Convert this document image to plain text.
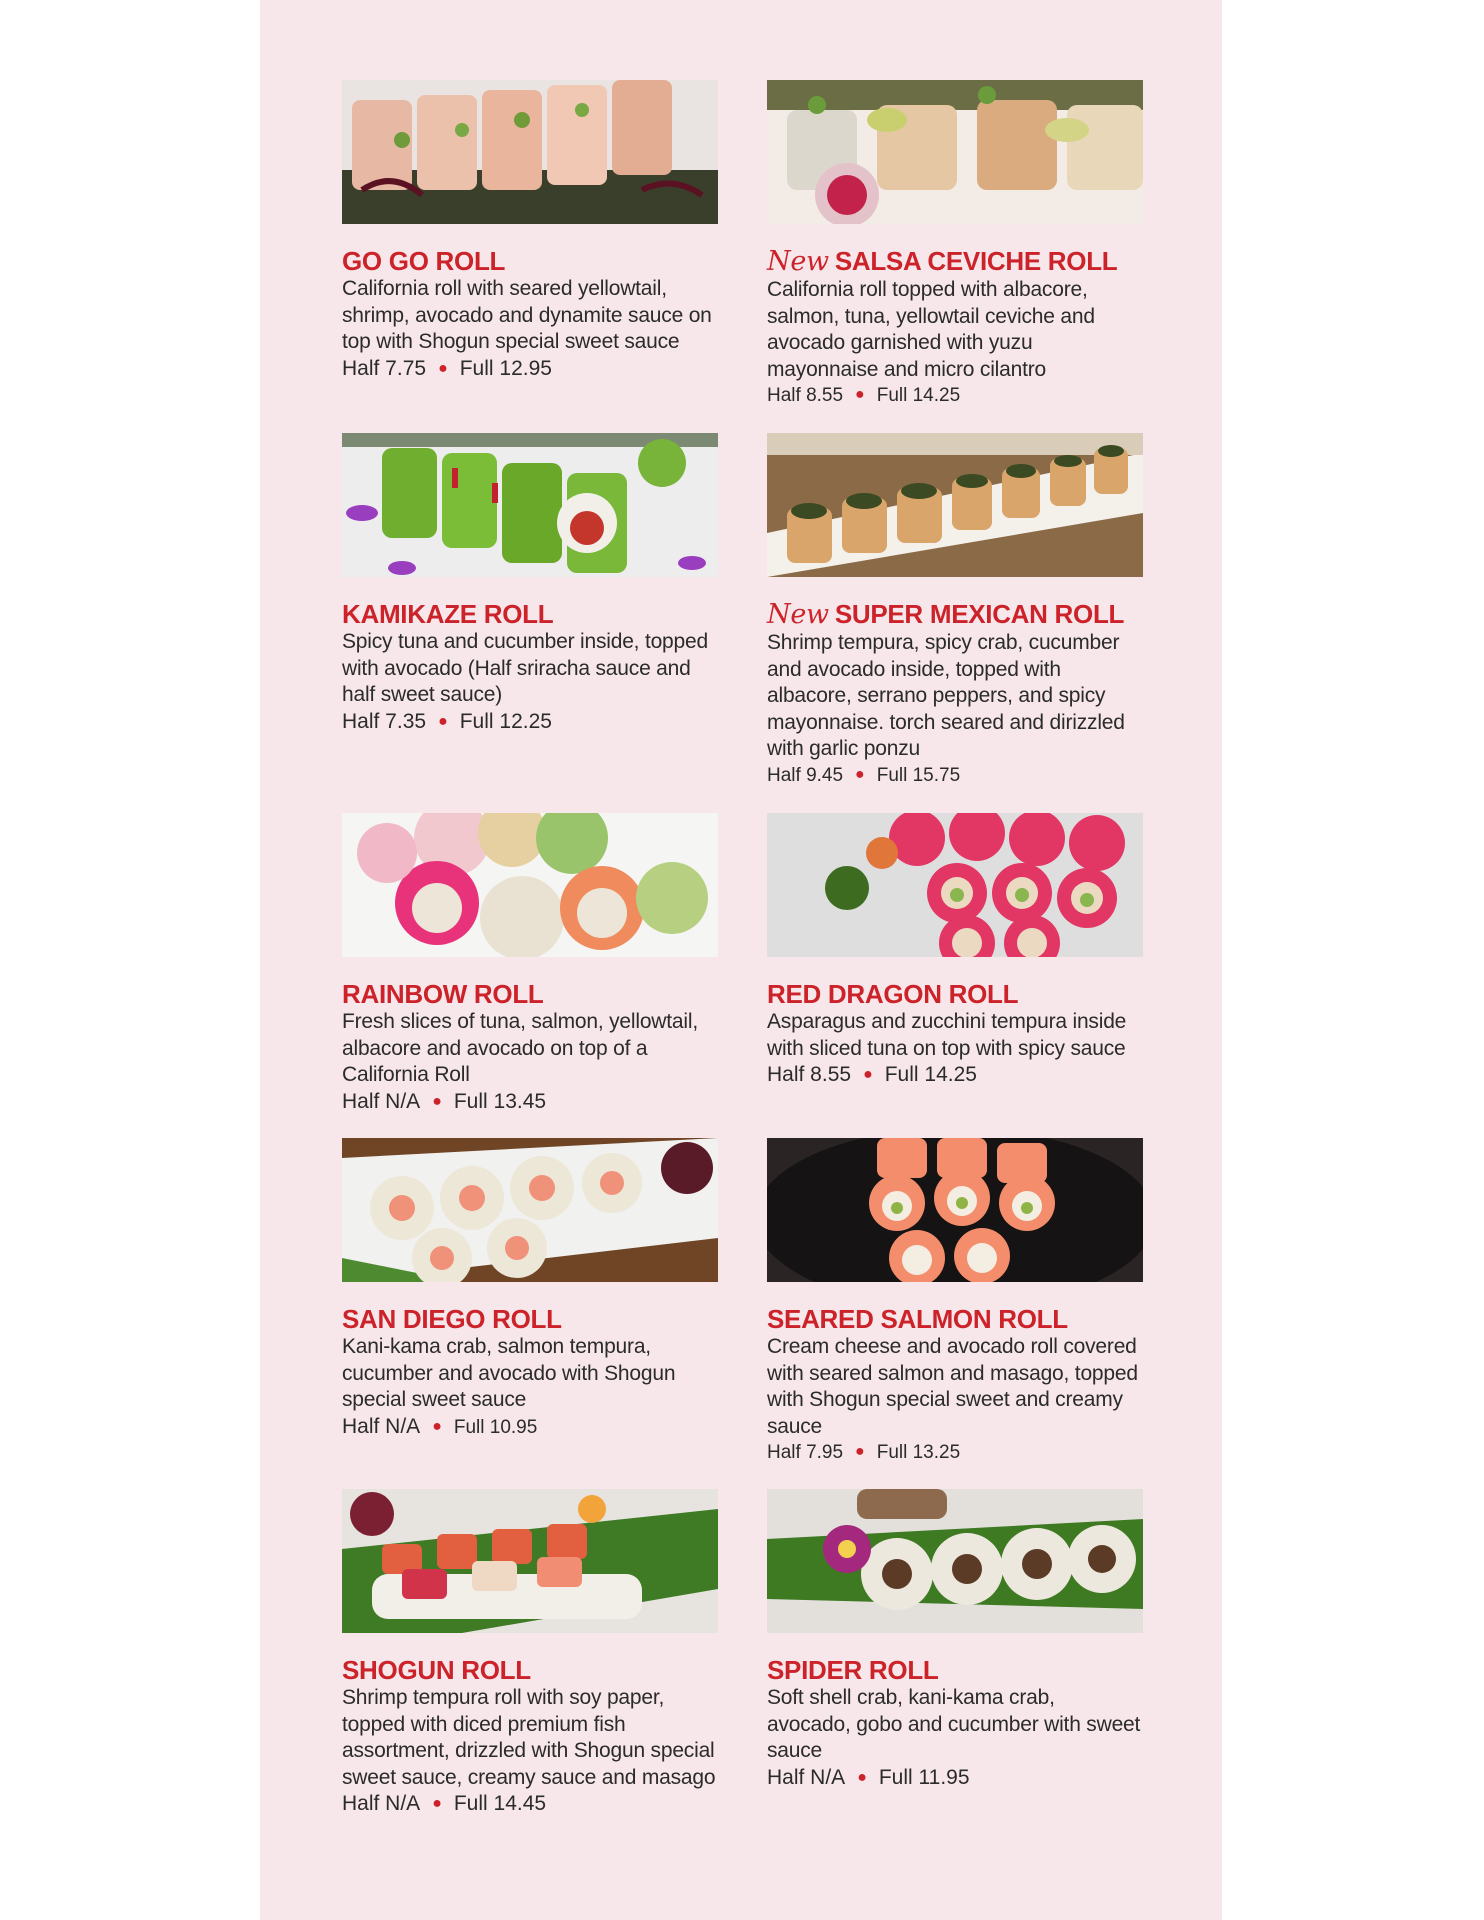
GO GO ROLL

California roll with seared yellowtail, shrimp, avocado and dynamite sauce on top with Shogun special sweet sauce

Half 7.75 ● Full 12.95
New SALSA CEVICHE ROLL

California roll topped with albacore, salmon, tuna, yellowtail ceviche and avocado garnished with yuzu mayonnaise and micro cilantro

Half 8.55 ● Full 14.25
KAMIKAZE ROLL

Spicy tuna and cucumber inside, topped with avocado (Half sriracha sauce and half sweet sauce)

Half 7.35 ● Full 12.25
New SUPER MEXICAN ROLL

Shrimp tempura, spicy crab, cucumber and avocado inside, topped with albacore, serrano peppers, and spicy mayonnaise. torch seared and dirizzled with garlic ponzu

Half 9.45 ● Full 15.75
RAINBOW ROLL

Fresh slices of tuna, salmon, yellowtail, albacore and avocado on top of a California Roll

Half N/A ● Full 13.45
RED DRAGON ROLL

Asparagus and zucchini tempura inside with sliced tuna on top with spicy sauce

Half 8.55 ● Full 14.25
SAN DIEGO ROLL

Kani-kama crab, salmon tempura, cucumber and avocado with Shogun special sweet sauce

Half N/A ● Full 10.95
SEARED SALMON ROLL

Cream cheese and avocado roll covered with seared salmon and masago, topped with Shogun special sweet and creamy sauce

Half 7.95 ● Full 13.25
SHOGUN ROLL

Shrimp tempura roll with soy paper, topped with diced premium fish assortment, drizzled with Shogun special sweet sauce, creamy sauce and masago

Half N/A ● Full 14.45
SPIDER ROLL

Soft shell crab, kani-kama crab, avocado, gobo and cucumber with sweet sauce

Half N/A ● Full 11.95
